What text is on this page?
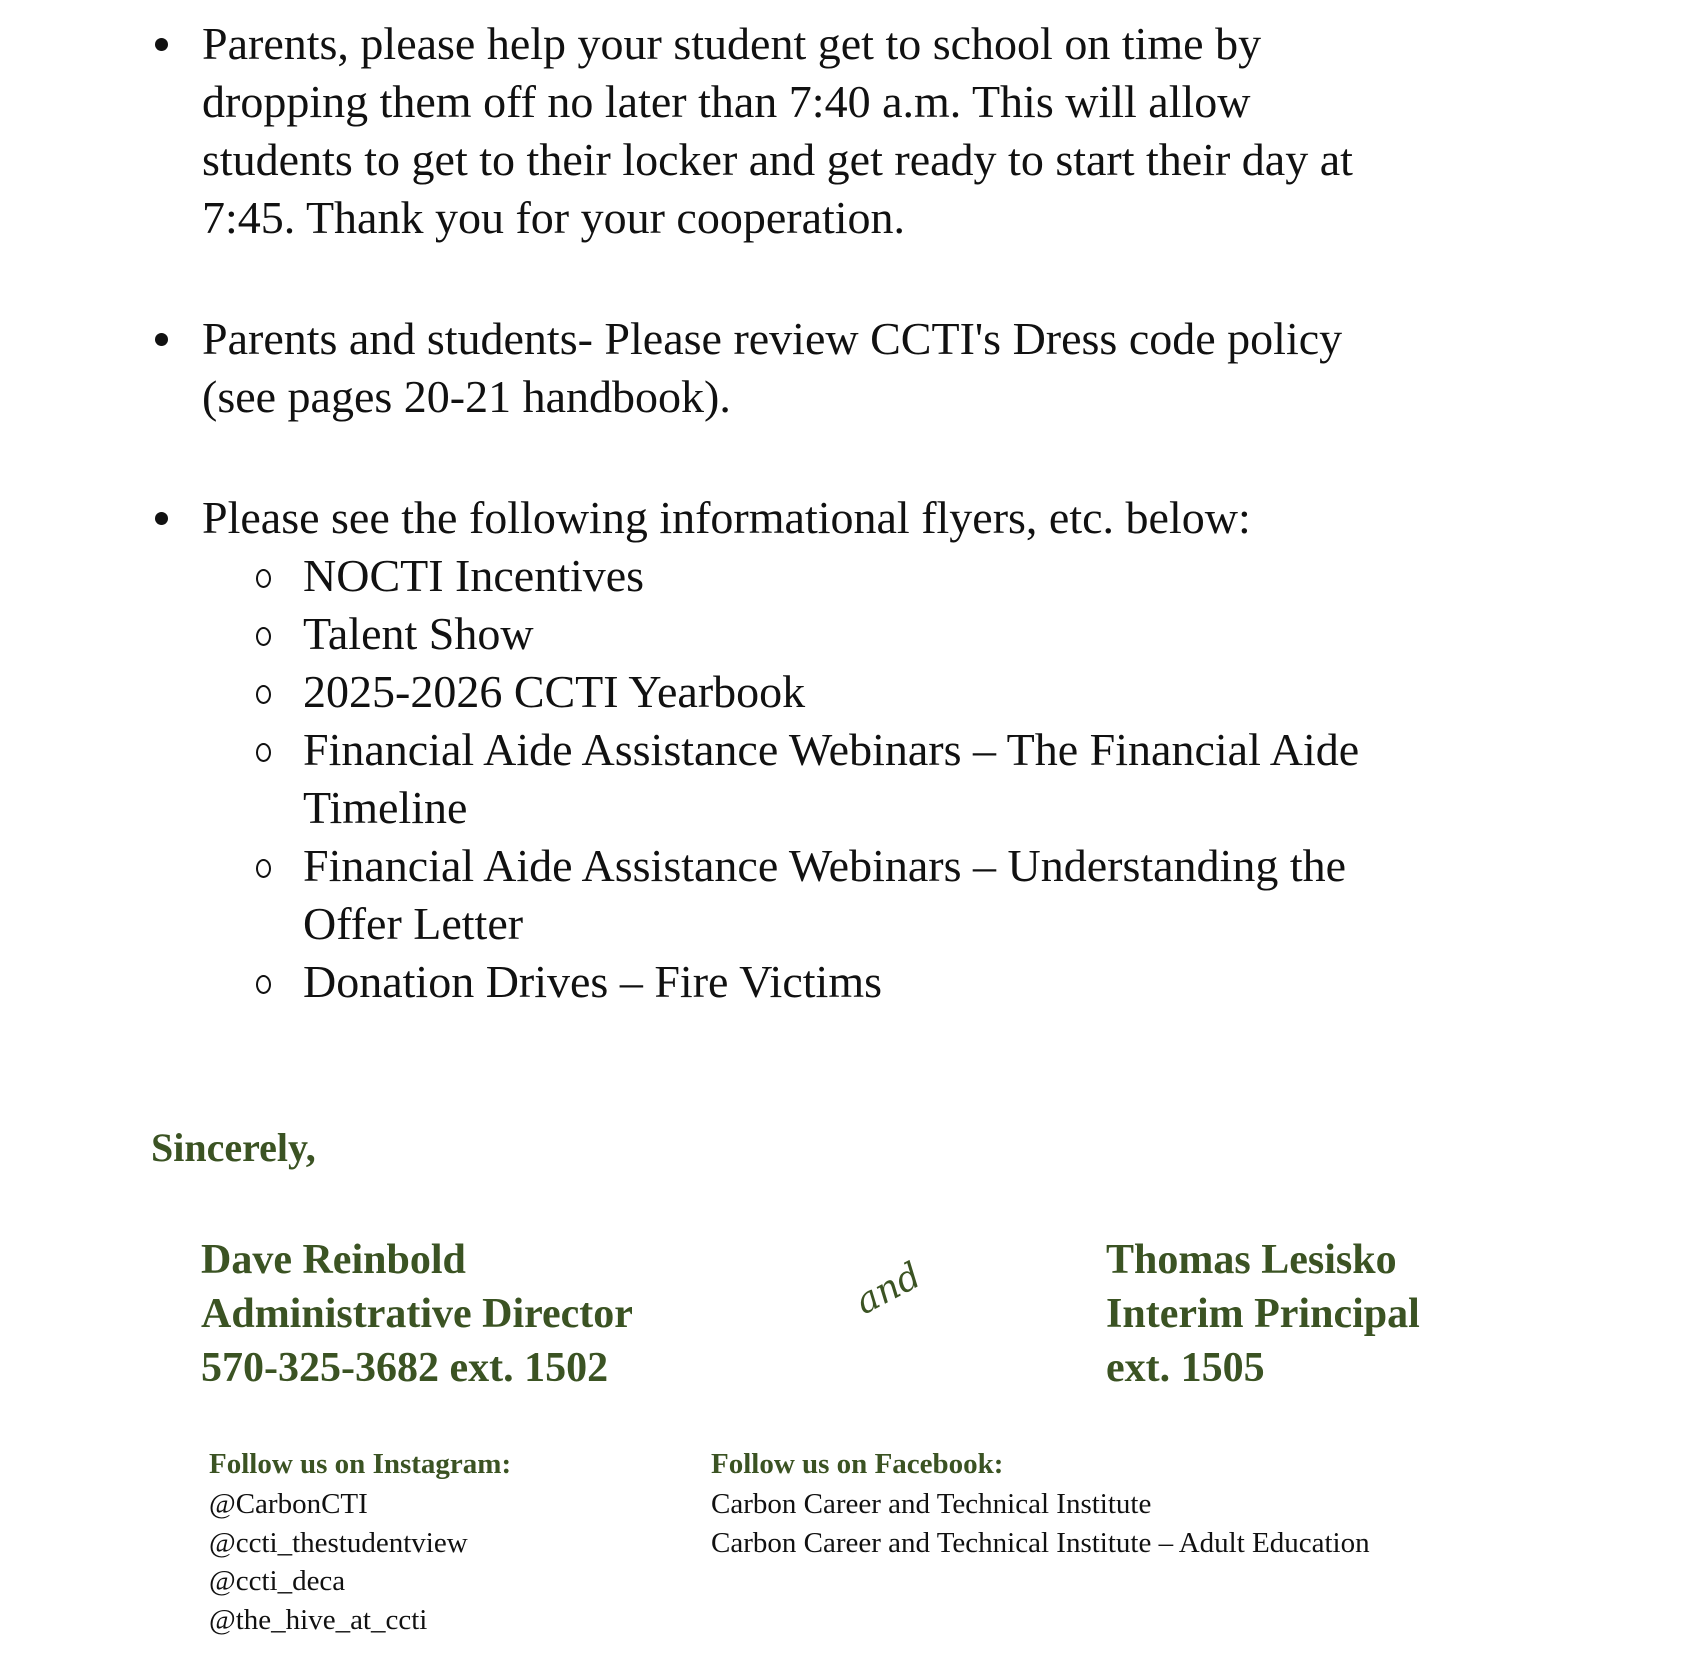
Parents, please help your student get to school on time by
dropping them off no later than 7:40 a.m. This will allow
students to get to their locker and get ready to start their day at
7:45. Thank you for your cooperation.
Parents and students- Please review CCTI's Dress code policy
(see pages 20-21 handbook).
Please see the following informational flyers, etc. below:
NOCTI Incentives
Talent Show
2025-2026 CCTI Yearbook
Financial Aide Assistance Webinars – The Financial Aide
Timeline
Financial Aide Assistance Webinars – Understanding the
Offer Letter
Donation Drives – Fire Victims
Sincerely,
Dave Reinbold
Administrative Director
570-325-3682 ext. 1502
and	Thomas Lesisko
Interim Principal
ext. 1505
Follow us on Instagram:
@CarbonCTI
@ccti_thestudentview
@ccti_deca
@the_hive_at_ccti
Follow us on Facebook:
Carbon Career and Technical Institute
Carbon Career and Technical Institute – Adult Education
